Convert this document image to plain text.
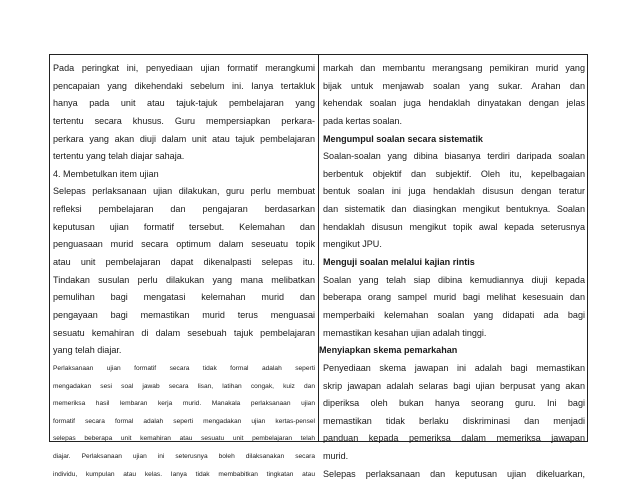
Pada peringkat ini, penyediaan ujian formatif merangkumi
pencapaian yang dikehendaki sebelum ini. Ianya tertakluk
hanya pada unit atau tajuk-tajuk pembelajaran yang
tertentu secara khusus. Guru mempersiapkan perkara-
perkara yang akan diuji dalam unit atau tajuk pembelajaran
tertentu yang telah diajar sahaja.
4. Membetulkan item ujian
Selepas perlaksanaan ujian dilakukan, guru perlu membuat
refleksi pembelajaran dan pengajaran berdasarkan
keputusan ujian formatif tersebut. Kelemahan dan
penguasaan murid secara optimum dalam seseuatu topik
atau unit pembelajaran dapat dikenalpasti selepas itu.
Tindakan susulan perlu dilakukan yang mana melibatkan
pemulihan bagi mengatasi kelemahan murid dan
pengayaan bagi memastikan murid terus menguasai
sesuatu kemahiran di dalam sesebuah tajuk pembelajaran
yang telah diajar.
Perlaksanaan ujian formatif secara tidak formal adalah seperti
mengadakan sesi soal jawab secara lisan, latihan congak, kuiz dan
memeriksa hasil lembaran kerja murid. Manakala perlaksanaan ujian
formatif secara formal adalah seperti mengadakan ujian kertas-pensel
selepas beberapa unit kemahiran atau sesuatu unit pembelajaran telah
diajar. Perlaksanaan ujian ini seterusnya boleh dilaksanakan secara
individu, kumpulan atau kelas. Ianya tidak membabitkan tingkatan atau
markah dan membantu merangsang pemikiran murid yang
bijak untuk menjawab soalan yang sukar. Arahan dan
kehendak soalan juga hendaklah dinyatakan dengan jelas
pada kertas soalan.
Mengumpul soalan secara sistematik
Soalan-soalan yang dibina biasanya terdiri daripada soalan
berbentuk objektif dan subjektif. Oleh itu, kepelbagaian
bentuk soalan ini juga hendaklah disusun dengan teratur
dan sistematik dan diasingkan mengikut bentuknya. Soalan
hendaklah disusun mengikut topik awal kepada seterusnya
mengikut JPU.
Menguji soalan melalui kajian rintis
Soalan yang telah siap dibina kemudiannya diuji kepada
beberapa orang sampel murid bagi melihat kesesuain dan
memperbaiki kelemahan soalan yang didapati ada bagi
memastikan kesahan ujian adalah tinggi.
Menyiapkan skema pemarkahan
Penyediaan skema jawapan ini adalah bagi memastikan
skrip jawapan adalah selaras bagi ujian berpusat yang akan
diperiksa oleh bukan hanya seorang guru. Ini bagi
memastikan tidak berlaku diskriminasi dan menjadi
panduan kepada pemeriksa dalam memeriksa jawapan
murid.
Selepas perlaksanaan dan keputusan ujian dikeluarkan,
